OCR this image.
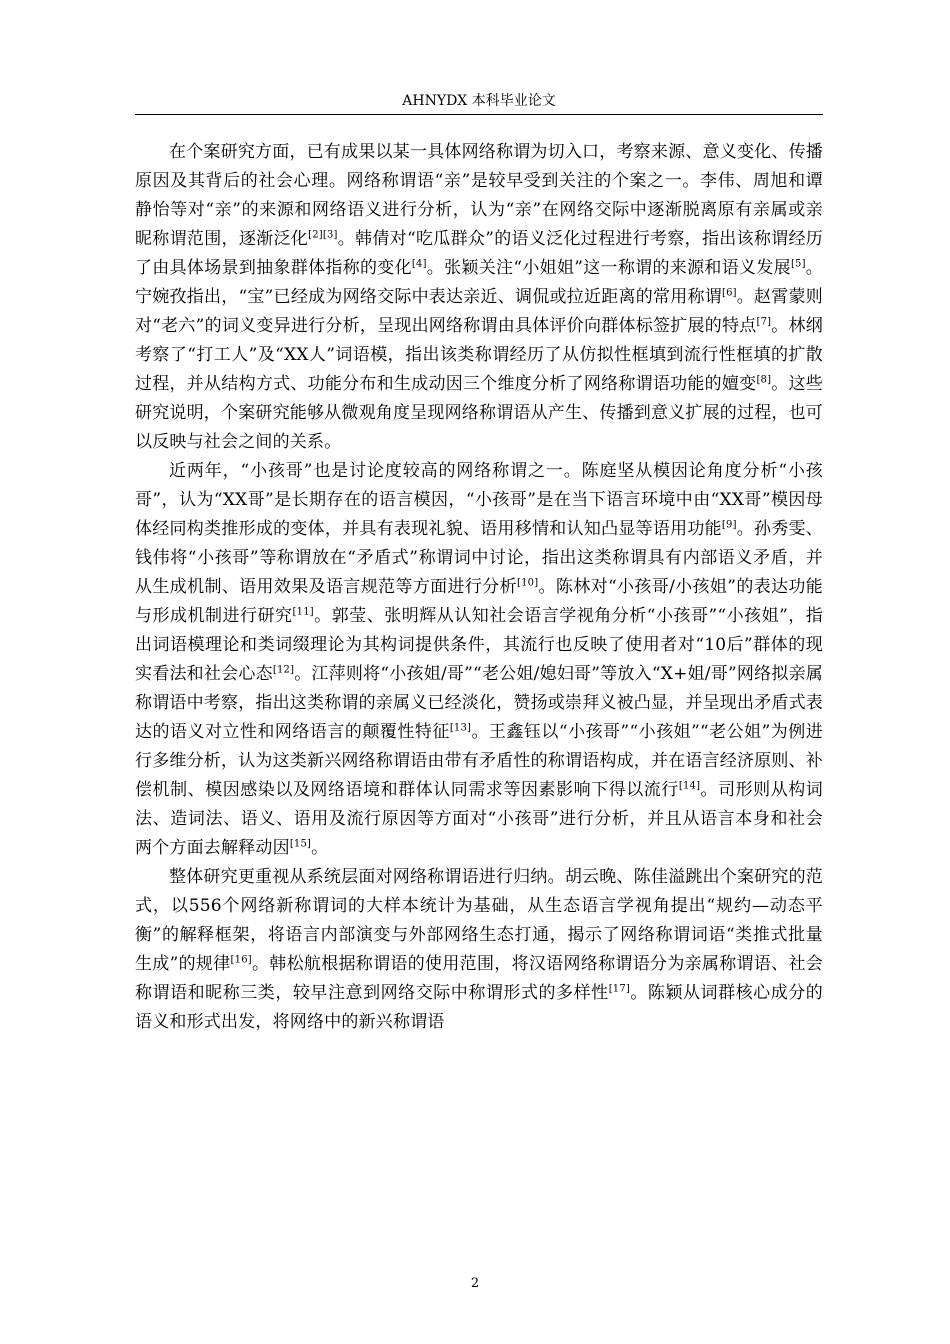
AHNYDX 本科毕业论文

在个案研究方面，已有成果以某一具体网络称谓为切入口，考察来源、意义变化、传播原因及其背后的社会心理。网络称谓语“亲”是较早受到关注的个案之一。李伟、周旭和谭静怡等对“亲”的来源和网络语义进行分析，认为“亲”在网络交际中逐渐脱离原有亲属或亲昵称谓范围，逐渐泛化[2][3]。韩倩对“吃瓜群众”的语义泛化过程进行考察，指出该称谓经历了由具体场景到抽象群体指称的变化[4]。张颖关注“小姐姐”这一称谓的来源和语义发展[5]。宁婉孜指出，“宝”已经成为网络交际中表达亲近、调侃或拉近距离的常用称谓[6]。赵霄蒙则对“老六”的词义变异进行分析，呈现出网络称谓由具体评价向群体标签扩展的特点[7]。林纲考察了“打工人”及“XX人”词语模，指出该类称谓经历了从仿拟性框填到流行性框填的扩散过程，并从结构方式、功能分布和生成动因三个维度分析了网络称谓语功能的嬗变[8]。这些研究说明，个案研究能够从微观角度呈现网络称谓语从产生、传播到意义扩展的过程，也可以反映与社会之间的关系。

近两年，“小孩哥”也是讨论度较高的网络称谓之一。陈庭坚从模因论角度分析“小孩哥”，认为“XX哥”是长期存在的语言模因，“小孩哥”是在当下语言环境中由“XX哥”模因母体经同构类推形成的变体，并具有表现礼貌、语用移情和认知凸显等语用功能[9]。孙秀雯、钱伟将“小孩哥”等称谓放在“矛盾式”称谓词中讨论，指出这类称谓具有内部语义矛盾，并从生成机制、语用效果及语言规范等方面进行分析[10]。陈林对“小孩哥/小孩姐”的表达功能与形成机制进行研究[11]。郭莹、张明辉从认知社会语言学视角分析“小孩哥”“小孩姐”，指出词语模理论和类词缀理论为其构词提供条件，其流行也反映了使用者对“10后”群体的现实看法和社会心态[12]。江萍则将“小孩姐/哥”“老公姐/媳妇哥”等放入“X+姐/哥”网络拟亲属称谓语中考察，指出这类称谓的亲属义已经淡化，赞扬或崇拜义被凸显，并呈现出矛盾式表达的语义对立性和网络语言的颠覆性特征[13]。王鑫钰以“小孩哥”“小孩姐”“老公姐”为例进行多维分析，认为这类新兴网络称谓语由带有矛盾性的称谓语构成，并在语言经济原则、补偿机制、模因感染以及网络语境和群体认同需求等因素影响下得以流行[14]。司形则从构词法、造词法、语义、语用及流行原因等方面对“小孩哥”进行分析，并且从语言本身和社会两个方面去解释动因[15]。

整体研究更重视从系统层面对网络称谓语进行归纳。胡云晚、陈佳溢跳出个案研究的范式，以556个网络新称谓词的大样本统计为基础，从生态语言学视角提出“规约—动态平衡”的解释框架，将语言内部演变与外部网络生态打通，揭示了网络称谓词语“类推式批量生成”的规律[16]。韩松航根据称谓语的使用范围，将汉语网络称谓语分为亲属称谓语、社会称谓语和昵称三类，较早注意到网络交际中称谓形式的多样性[17]。陈颖从词群核心成分的语义和形式出发，将网络中的新兴称谓语

2
